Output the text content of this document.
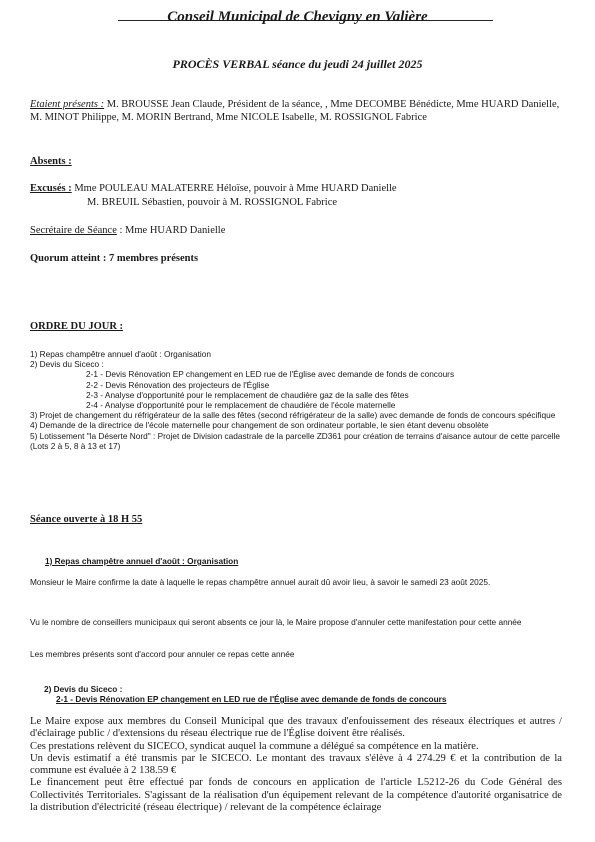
Conseil Municipal de Chevigny en Valière
PROCÈS VERBAL séance du jeudi 24 juillet 2025
Etaient présents : M. BROUSSE Jean Claude, Président de la séance, , Mme DECOMBE Bénédicte, Mme HUARD Danielle, M. MINOT Philippe, M. MORIN Bertrand, Mme NICOLE Isabelle, M. ROSSIGNOL Fabrice
Absents :
Excusés : Mme POULEAU MALATERRE Héloïse, pouvoir à Mme HUARD Danielle
M. BREUIL Sébastien, pouvoir à M. ROSSIGNOL Fabrice
Secrétaire de Séance : Mme HUARD Danielle
Quorum atteint : 7 membres présents
ORDRE DU JOUR :
1) Repas champêtre annuel d'août : Organisation
2) Devis du Siceco :
2-1 - Devis Rénovation EP changement en LED rue de l'Église avec demande de fonds de concours
2-2 - Devis Rénovation des projecteurs de l'Église
2-3 - Analyse d'opportunité pour le remplacement de chaudière gaz de la salle des fêtes
2-4 - Analyse d'opportunité pour le remplacement de chaudière de l'école maternelle
3) Projet de changement du réfrigérateur de la salle des fêtes (second réfrigérateur de la salle) avec demande de fonds de concours spécifique
4) Demande de la directrice de l'école maternelle pour changement de son ordinateur portable, le sien étant devenu obsolète
5) Lotissement "la Déserte Nord" : Projet de Division cadastrale de la parcelle ZD361 pour création de terrains d'aisance autour de cette parcelle (Lots 2 à 5, 8 à 13 et 17)
Séance ouverte à 18 H 55
1) Repas champêtre annuel d'août : Organisation
Monsieur le Maire confirme la date à laquelle le repas champêtre annuel aurait dû avoir lieu, à savoir le samedi 23 août 2025.
Vu le nombre de conseillers municipaux qui seront absents ce jour là, le Maire propose d'annuler cette manifestation pour cette année
Les membres présents sont d'accord pour annuler ce repas cette année
2) Devis du Siceco :
2-1 - Devis Rénovation EP changement en LED rue de l'Église avec demande de fonds de concours
Le Maire expose aux membres du Conseil Municipal que des travaux d'enfouissement des réseaux électriques et autres / d'éclairage public / d'extensions du réseau électrique rue de l'Église doivent être réalisés.
Ces prestations relèvent du SICECO, syndicat auquel la commune a délégué sa compétence en la matière.
Un devis estimatif a été transmis par le SICECO. Le montant des travaux s'élève à 4 274.29 € et la contribution de la commune est évaluée à 2 138.59 €
Le financement peut être effectué par fonds de concours en application de l'article L5212-26 du Code Général des Collectivités Territoriales. S'agissant de la réalisation d'un équipement relevant de la compétence d'autorité organisatrice de la distribution d'électricité (réseau électrique) / relevant de la compétence éclairage
